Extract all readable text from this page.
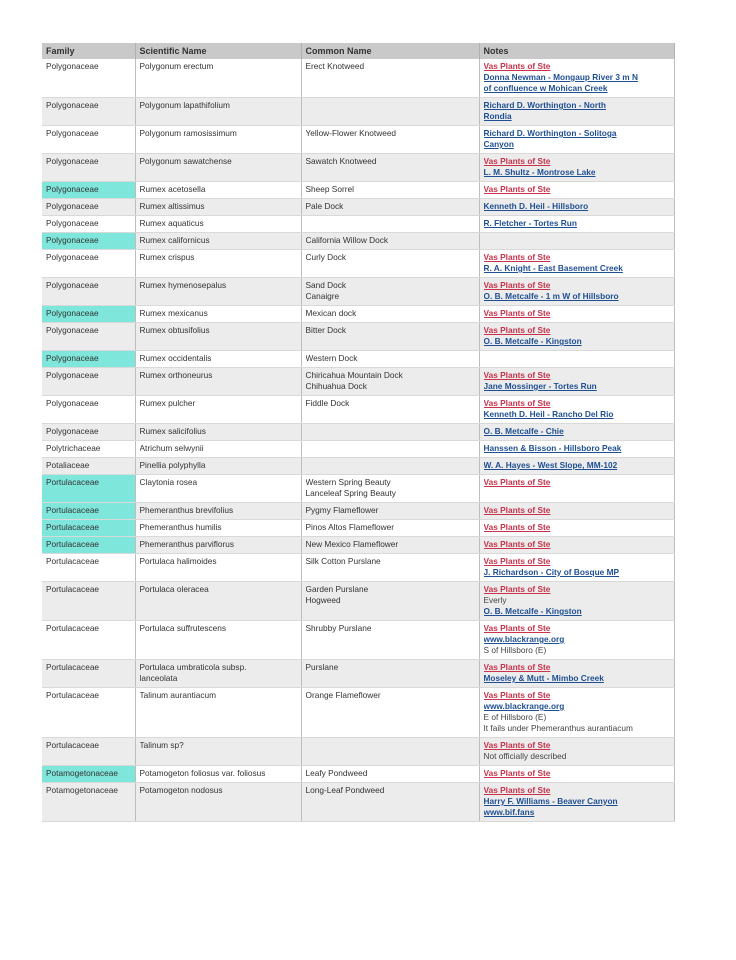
Family	Scientific Name	Common Name	Notes
Polygonaceae	Polygonum erectum	Erect Knotweed	Vas Plants of Ste
Donna Newman - Mongaup River 3 m N
of confluence w Mohican Creek

Polygonaceae	Polygonum lapathifolium		Richard D. Worthington - North
Rondia

Polygonaceae	Polygonum ramosissimum	Yellow-Flower Knotweed	Richard D. Worthington - Solitoga
Canyon

Polygonaceae	Polygonum sawatchense	Sawatch Knotweed	Vas Plants of Ste
L. M. Shultz - Montrose Lake

Polygonaceae	Rumex acetosella	Sheep Sorrel	Vas Plants of Ste

Polygonaceae	Rumex altissimus	Pale Dock	Kenneth D. Heil - Hillsboro

Polygonaceae	Rumex aquaticus		R. Fletcher - Tortes Run

Polygonaceae	Rumex californicus	California Willow Dock	

Polygonaceae	Rumex crispus	Curly Dock	Vas Plants of Ste
R. A. Knight - East Basement Creek

Polygonaceae	Rumex hymenosepalus	Sand Dock
Canaigre	Vas Plants of Ste
O. B. Metcalfe - 1 m W of Hillsboro

Polygonaceae	Rumex mexicanus	Mexican dock	Vas Plants of Ste

Polygonaceae	Rumex obtusifolius	Bitter Dock	Vas Plants of Ste
O. B. Metcalfe - Kingston

Polygonaceae	Rumex occidentalis	Western Dock	

Polygonaceae	Rumex orthoneurus	Chiricahua Mountain Dock
Chihuahua Dock	Vas Plants of Ste
Jane Mossinger - Tortes Run

Polygonaceae	Rumex pulcher	Fiddle Dock	Vas Plants of Ste
Kenneth D. Heil - Rancho Del Rio

Polygonaceae	Rumex salicifolius		O. B. Metcalfe - Chie

Polytrichaceae	Atrichum selwynii		Hanssen & Bisson - Hillsboro Peak

Potaliaceae	Pinellia polyphylla		W. A. Hayes - West Slope, MM-102

Portulacaceae	Claytonia rosea	Western Spring Beauty
Lanceleaf Spring Beauty	Vas Plants of Ste

Portulacaceae	Phemeranthus brevifolius	Pygmy Flameflower	Vas Plants of Ste

Portulacaceae	Phemeranthus humilis	Pinos Altos Flameflower	Vas Plants of Ste

Portulacaceae	Phemeranthus parviflorus	New Mexico Flameflower	Vas Plants of Ste

Portulacaceae	Portulaca halimoides	Silk Cotton Purslane	Vas Plants of Ste
J. Richardson - City of Bosque MP

Portulacaceae	Portulaca oleracea	Garden Purslane
Hogweed	Vas Plants of Ste
Everly
O. B. Metcalfe - Kingston

Portulacaceae	Portulaca suffrutescens	Shrubby Purslane	Vas Plants of Ste
www.blackrange.org
S of Hillsboro (E)

Portulacaceae	Portulaca umbraticola subsp.
lanceolata	Purslane	Vas Plants of Ste
Moseley & Mutt - Mimbo Creek

Portulacaceae	Talinum aurantiacum	Orange Flameflower	Vas Plants of Ste
www.blackrange.org
E of Hillsboro (E)
It fails under Phemeranthus aurantiacum

Portulacaceae	Talinum sp?		Vas Plants of Ste
Not officially described

Potamogetonaceae	Potamogeton foliosus var. foliosus	Leafy Pondweed	Vas Plants of Ste

Potamogetonaceae	Potamogeton nodosus	Long-Leaf Pondweed	Vas Plants of Ste
Harry F. Williams - Beaver Canyon
www.bif.fans
